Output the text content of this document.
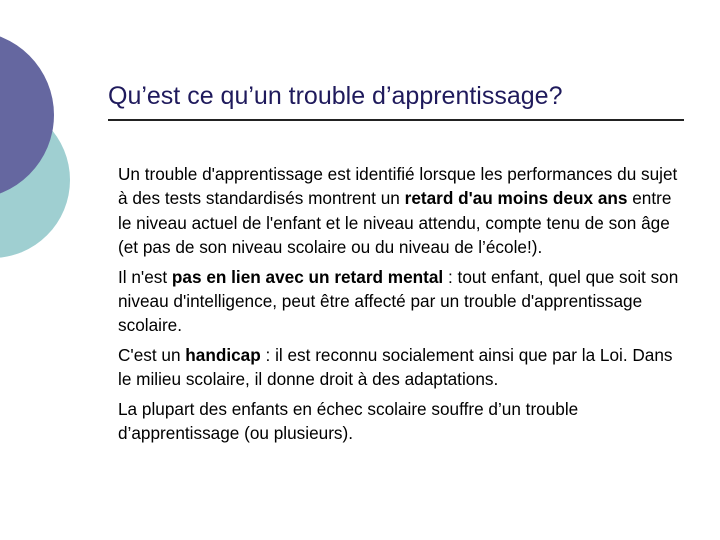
Qu’est ce qu’un trouble d’apprentissage?

Un trouble d'apprentissage est identifié lorsque les performances du sujet à des tests standardisés montrent un retard d'au moins deux ans entre le niveau actuel de l'enfant et le niveau attendu, compte tenu de son âge (et pas de son niveau scolaire ou du niveau de l’école!).

Il n'est pas en lien avec un retard mental : tout enfant, quel que soit son niveau d'intelligence, peut être affecté par un trouble d'apprentissage scolaire.

C'est un handicap : il est reconnu socialement ainsi que par la Loi. Dans le milieu scolaire, il donne droit à des adaptations.

La plupart des enfants en échec scolaire souffre d’un trouble d’apprentissage (ou plusieurs).
